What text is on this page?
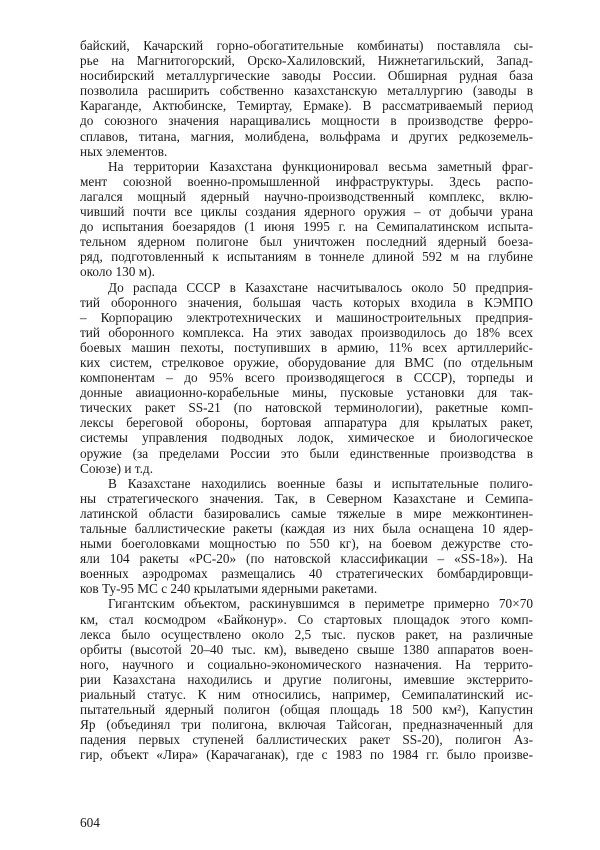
байский, Качарский горно-обогатительные комбинаты) поставляла сы-
рье на Магнитогорский, Орско-Халиловский, Нижнетагильский, Запад-
носибирский металлургические заводы России. Обширная рудная база
позволила расширить собственно казахстанскую металлургию (заводы в
Караганде, Актюбинске, Темиртау, Ермаке). В рассматриваемый период
до союзного значения наращивались мощности в производстве ферро-
сплавов, титана, магния, молибдена, вольфрама и других редкоземель-
ных элементов.
На территории Казахстана функционировал весьма заметный фраг-
мент союзной военно-промышленной инфраструктуры. Здесь распо-
лагался мощный ядерный научно-производственный комплекс, вклю-
чивший почти все циклы создания ядерного оружия – от добычи урана
до испытания боезарядов (1 июня 1995 г. на Семипалатинском испыта-
тельном ядерном полигоне был уничтожен последний ядерный боеза-
ряд, подготовленный к испытаниям в тоннеле длиной 592 м на глубине
около 130 м).
До распада СССР в Казахстане насчитывалось около 50 предприя-
тий оборонного значения, большая часть которых входила в КЭМПО
– Корпорацию электротехнических и машиностроительных предприя-
тий оборонного комплекса. На этих заводах производилось до 18% всех
боевых машин пехоты, поступивших в армию, 11% всех артиллерийс-
ких систем, стрелковое оружие, оборудование для ВМС (по отдельным
компонентам – до 95% всего производящегося в СССР), торпеды и
донные авиационно-корабельные мины, пусковые установки для так-
тических ракет SS-21 (по натовской терминологии), ракетные комп-
лексы береговой обороны, бортовая аппаратура для крылатых ракет,
системы управления подводных лодок, химическое и биологическое
оружие (за пределами России это были единственные производства в
Союзе) и т.д.
В Казахстане находились военные базы и испытательные полиго-
ны стратегического значения. Так, в Северном Казахстане и Семипа-
латинской области базировались самые тяжелые в мире межконтинен-
тальные баллистические ракеты (каждая из них была оснащена 10 ядер-
ными боеголовками мощностью по 550 кг), на боевом дежурстве сто-
яли 104 ракеты «РС-20» (по натовской классификации – «SS-18»). На
военных аэродромах размещались 40 стратегических бомбардировщи-
ков Ту-95 МС с 240 крылатыми ядерными ракетами.
Гигантским объектом, раскинувшимся в периметре примерно 70×70
км, стал космодром «Байконур». Со стартовых площадок этого комп-
лекса было осуществлено около 2,5 тыс. пусков ракет, на различные
орбиты (высотой 20–40 тыс. км), выведено свыше 1380 аппаратов воен-
ного, научного и социально-экономического назначения. На террито-
рии Казахстана находились и другие полигоны, имевшие экстеррито-
риальный статус. К ним относились, например, Семипалатинский ис-
пытательный ядерный полигон (общая площадь 18 500 км²), Капустин
Яр (объединял три полигона, включая Тайсоган, предназначенный для
падения первых ступеней баллистических ракет SS-20), полигон Аз-
гир, объект «Лира» (Карачаганак), где с 1983 по 1984 гг. было произве-
604
